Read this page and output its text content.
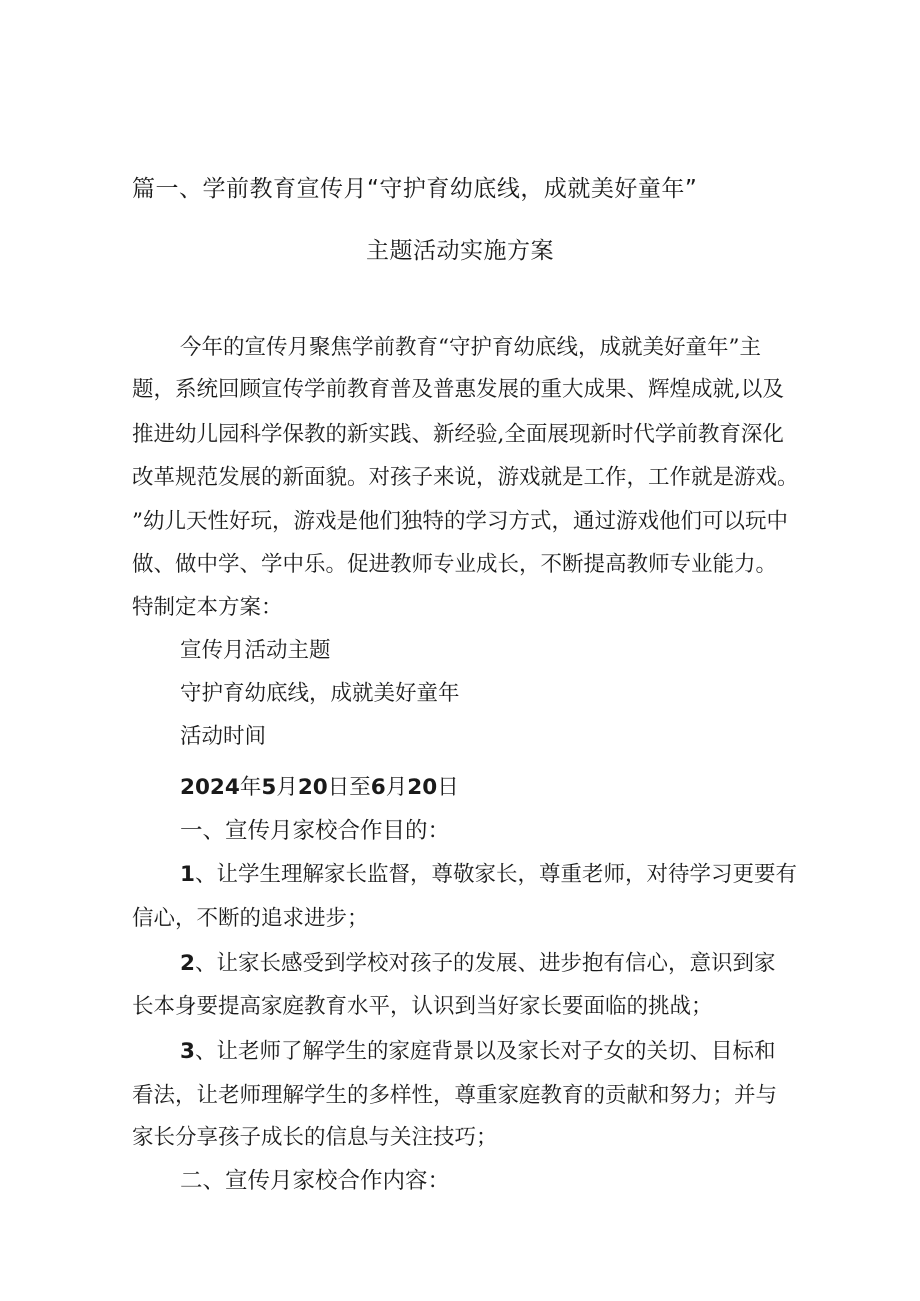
篇一、学前教育宣传月“守护育幼底线，成就美好童年”
主题活动实施方案
今年的宣传月聚焦学前教育“守护育幼底线，成就美好童年”主
题，系统回顾宣传学前教育普及普惠发展的重大成果、辉煌成就,以及
推进幼儿园科学保教的新实践、新经验,全面展现新时代学前教育深化
改革规范发展的新面貌。对孩子来说，游戏就是工作，工作就是游戏。
”幼儿天性好玩，游戏是他们独特的学习方式，通过游戏他们可以玩中
做、做中学、学中乐。促进教师专业成长，不断提高教师专业能力。
特制定本方案：
宣传月活动主题
守护育幼底线，成就美好童年
活动时间
2024年5月20日至6月20日
一、宣传月家校合作目的：
1、让学生理解家长监督，尊敬家长，尊重老师，对待学习更要有
信心，不断的追求进步；
2、让家长感受到学校对孩子的发展、进步抱有信心，意识到家
长本身要提高家庭教育水平，认识到当好家长要面临的挑战；
3、让老师了解学生的家庭背景以及家长对子女的关切、目标和
看法，让老师理解学生的多样性，尊重家庭教育的贡献和努力；并与
家长分享孩子成长的信息与关注技巧；
二、宣传月家校合作内容：
